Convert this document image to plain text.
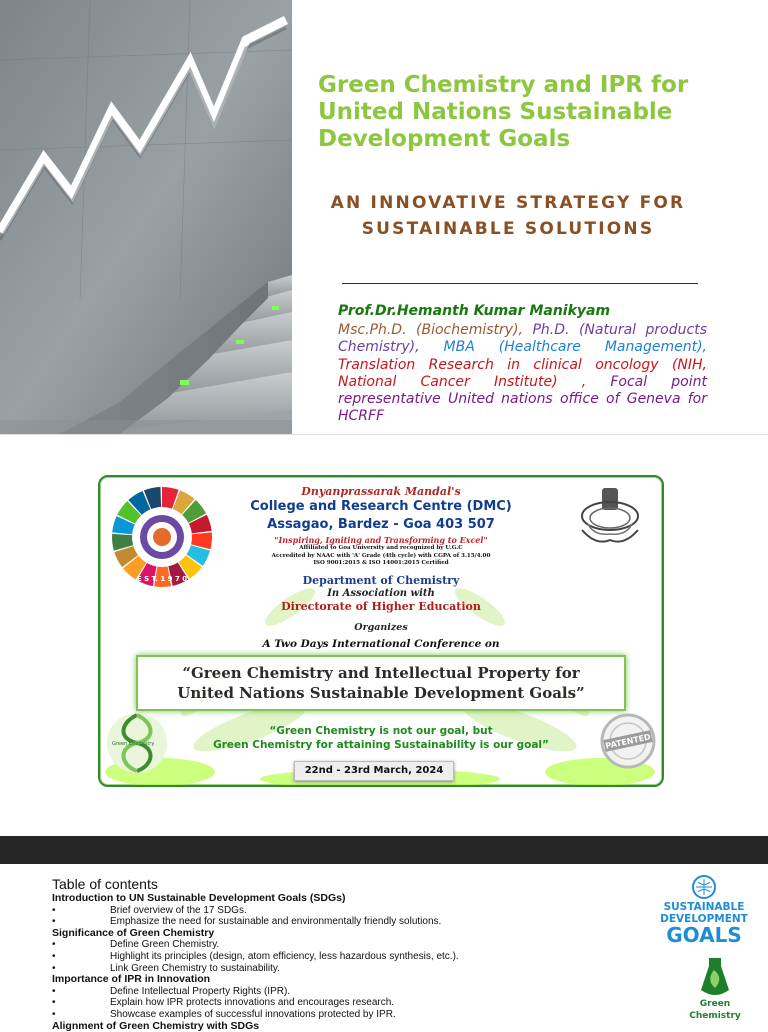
Green Chemistry and IPR for United Nations Sustainable Development Goals
AN INNOVATIVE STRATEGY FOR SUSTAINABLE SOLUTIONS
Prof.Dr.Hemanth Kumar Manikyam
Msc.Ph.D. (Biochemistry), Ph.D. (Natural products Chemistry), MBA (Healthcare Management), Translation Research in clinical oncology (NIH, National Cancer Institute) , Focal point representative United nations office of Geneva for HCRFF
Dnyanprassarak Mandal's
College and Research Centre (DMC)
Assagao, Bardez - Goa 403 507
"Inspiring, Igniting and Transforming to Excel"
Affiliated to Goa University and recognized by U.G.C
Accredited by NAAC with 'A' Grade (4th cycle) with CGPA of 3.15/4.00
ISO 9001:2015 & ISO 14001:2015 Certified
Department of Chemistry
In Association with
Directorate of Higher Education
Organizes
A Two Days International Conference on
“Green Chemistry and Intellectual Property for
United Nations Sustainable Development Goals”
“Green Chemistry is not our goal, but
Green Chemistry for attaining Sustainability is our goal”
22nd - 23rd March, 2024
Green Chemistry	PATENTED
E S T. 1 9 7 0
Table of contents
Introduction to UN Sustainable Development Goals (SDGs)
•	Brief overview of the 17 SDGs.
•	Emphasize the need for sustainable and environmentally friendly solutions.
Significance of Green Chemistry
•	Define Green Chemistry.
•	Highlight its principles (design, atom efficiency, less hazardous synthesis, etc.).
•	Link Green Chemistry to sustainability.
Importance of IPR in Innovation
•	Define Intellectual Property Rights (IPR).
•	Explain how IPR protects innovations and encourages research.
•	Showcase examples of successful innovations protected by IPR.
Alignment of Green Chemistry with SDGs
SUSTAINABLE
DEVELOPMENT
GOALS
Green
Chemistry
